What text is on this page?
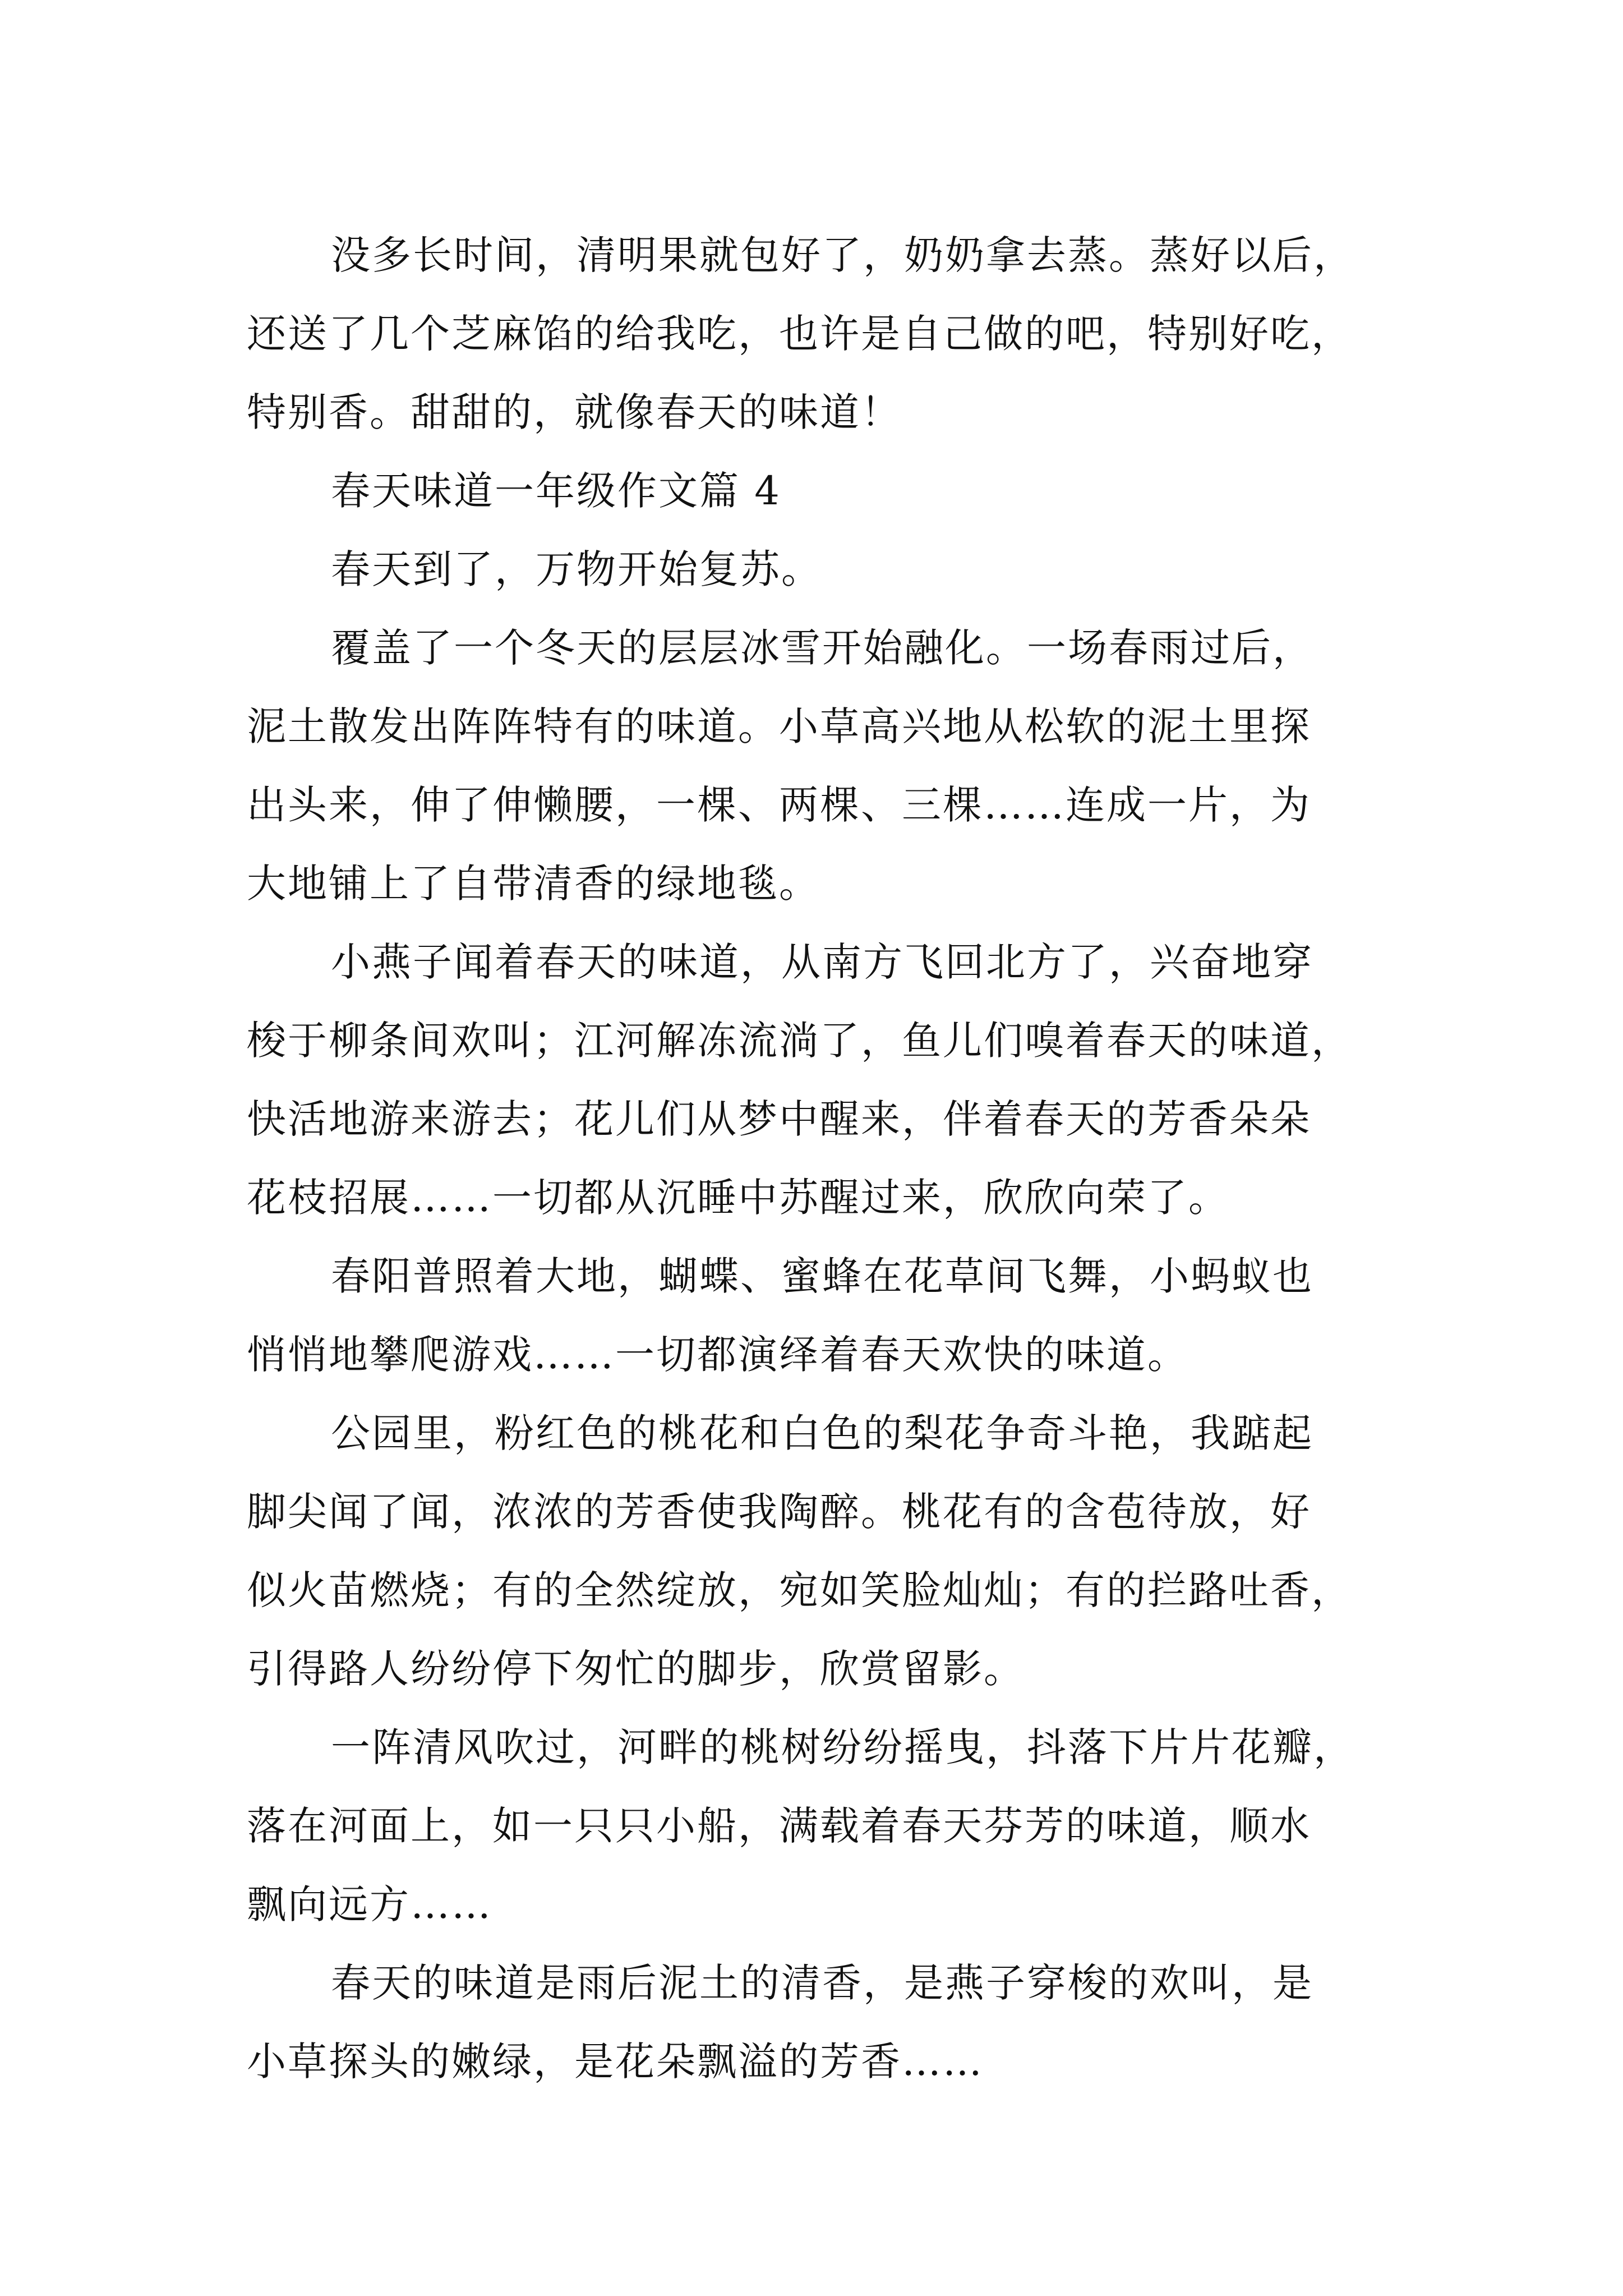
没多长时间，清明果就包好了，奶奶拿去蒸。蒸好以后，
还送了几个芝麻馅的给我吃，也许是自己做的吧，特别好吃，
特别香。甜甜的，就像春天的味道！
春天味道一年级作文篇 4
春天到了，万物开始复苏。
覆盖了一个冬天的层层冰雪开始融化。一场春雨过后，
泥土散发出阵阵特有的味道。小草高兴地从松软的泥土里探
出头来，伸了伸懒腰，一棵、两棵、三棵……连成一片，为
大地铺上了自带清香的绿地毯。
小燕子闻着春天的味道，从南方飞回北方了，兴奋地穿
梭于柳条间欢叫；江河解冻流淌了，鱼儿们嗅着春天的味道，
快活地游来游去；花儿们从梦中醒来，伴着春天的芳香朵朵
花枝招展……一切都从沉睡中苏醒过来，欣欣向荣了。
春阳普照着大地，蝴蝶、蜜蜂在花草间飞舞，小蚂蚁也
悄悄地攀爬游戏……一切都演绎着春天欢快的味道。
公园里，粉红色的桃花和白色的梨花争奇斗艳，我踮起
脚尖闻了闻，浓浓的芳香使我陶醉。桃花有的含苞待放，好
似火苗燃烧；有的全然绽放，宛如笑脸灿灿；有的拦路吐香，
引得路人纷纷停下匆忙的脚步，欣赏留影。
一阵清风吹过，河畔的桃树纷纷摇曳，抖落下片片花瓣，
落在河面上，如一只只小船，满载着春天芬芳的味道，顺水
飘向远方……
春天的味道是雨后泥土的清香，是燕子穿梭的欢叫，是
小草探头的嫩绿，是花朵飘溢的芳香……
